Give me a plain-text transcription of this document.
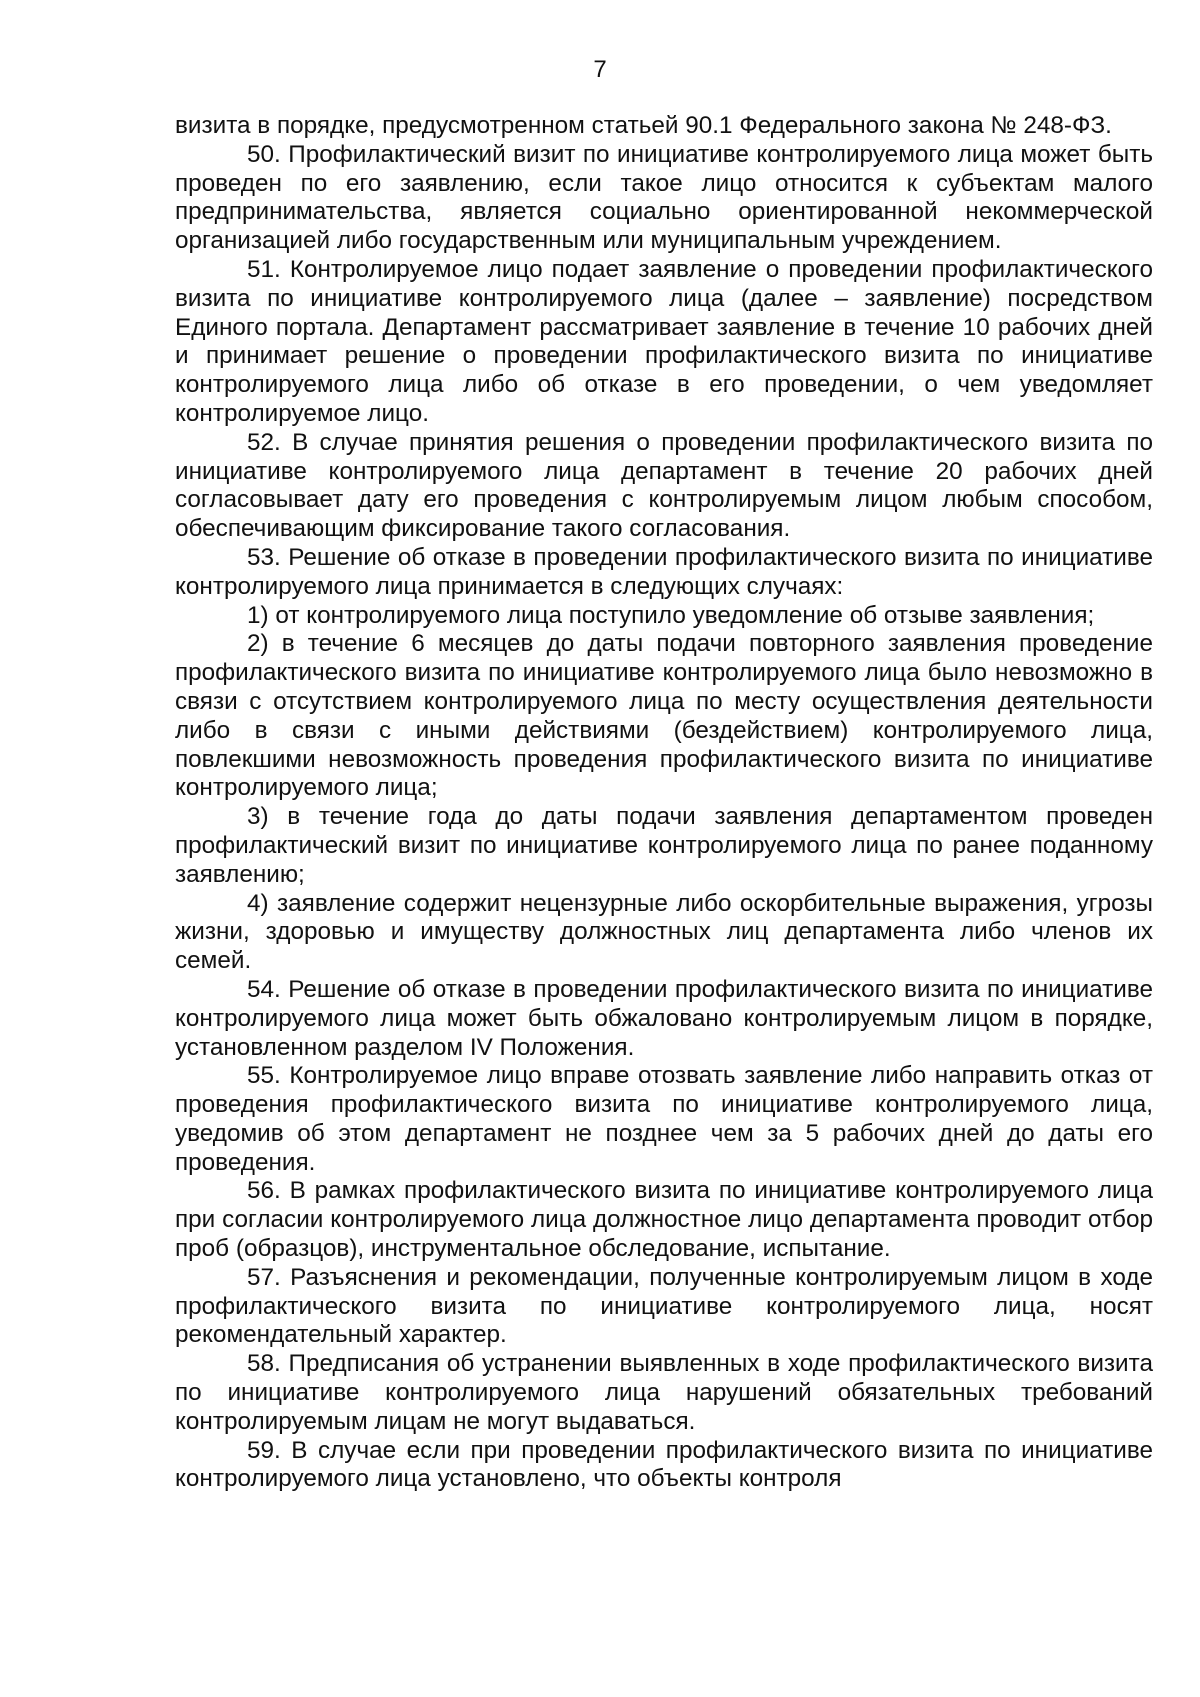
7

визита в порядке, предусмотренном статьей 90.1 Федерального закона № 248-ФЗ.

50. Профилактический визит по инициативе контролируемого лица может быть проведен по его заявлению, если такое лицо относится к субъектам малого предпринимательства, является социально ориентированной некоммерческой организацией либо государственным или муниципальным учреждением.

51. Контролируемое лицо подает заявление о проведении профилактического визита по инициативе контролируемого лица (далее – заявление) посредством Единого портала. Департамент рассматривает заявление в течение 10 рабочих дней и принимает решение о проведении профилактического визита по инициативе контролируемого лица либо об отказе в его проведении, о чем уведомляет контролируемое лицо.

52. В случае принятия решения о проведении профилактического визита по инициативе контролируемого лица департамент в течение 20 рабочих дней согласовывает дату его проведения с контролируемым лицом любым способом, обеспечивающим фиксирование такого согласования.

53. Решение об отказе в проведении профилактического визита по инициативе контролируемого лица принимается в следующих случаях:

1) от контролируемого лица поступило уведомление об отзыве заявления;

2) в течение 6 месяцев до даты подачи повторного заявления проведение профилактического визита по инициативе контролируемого лица было невозможно в связи с отсутствием контролируемого лица по месту осуществления деятельности либо в связи с иными действиями (бездействием) контролируемого лица, повлекшими невозможность проведения профилактического визита по инициативе контролируемого лица;

3) в течение года до даты подачи заявления департаментом проведен профилактический визит по инициативе контролируемого лица по ранее поданному заявлению;

4) заявление содержит нецензурные либо оскорбительные выражения, угрозы жизни, здоровью и имуществу должностных лиц департамента либо членов их семей.

54. Решение об отказе в проведении профилактического визита по инициативе контролируемого лица может быть обжаловано контролируемым лицом в порядке, установленном разделом IV Положения.

55. Контролируемое лицо вправе отозвать заявление либо направить отказ от проведения профилактического визита по инициативе контролируемого лица, уведомив об этом департамент не позднее чем за 5 рабочих дней до даты его проведения.

56. В рамках профилактического визита по инициативе контролируемого лица при согласии контролируемого лица должностное лицо департамента проводит отбор проб (образцов), инструментальное обследование, испытание.

57. Разъяснения и рекомендации, полученные контролируемым лицом в ходе профилактического визита по инициативе контролируемого лица, носят рекомендательный характер.

58. Предписания об устранении выявленных в ходе профилактического визита по инициативе контролируемого лица нарушений обязательных требований контролируемым лицам не могут выдаваться.

59. В случае если при проведении профилактического визита по инициативе контролируемого лица установлено, что объекты контроля
